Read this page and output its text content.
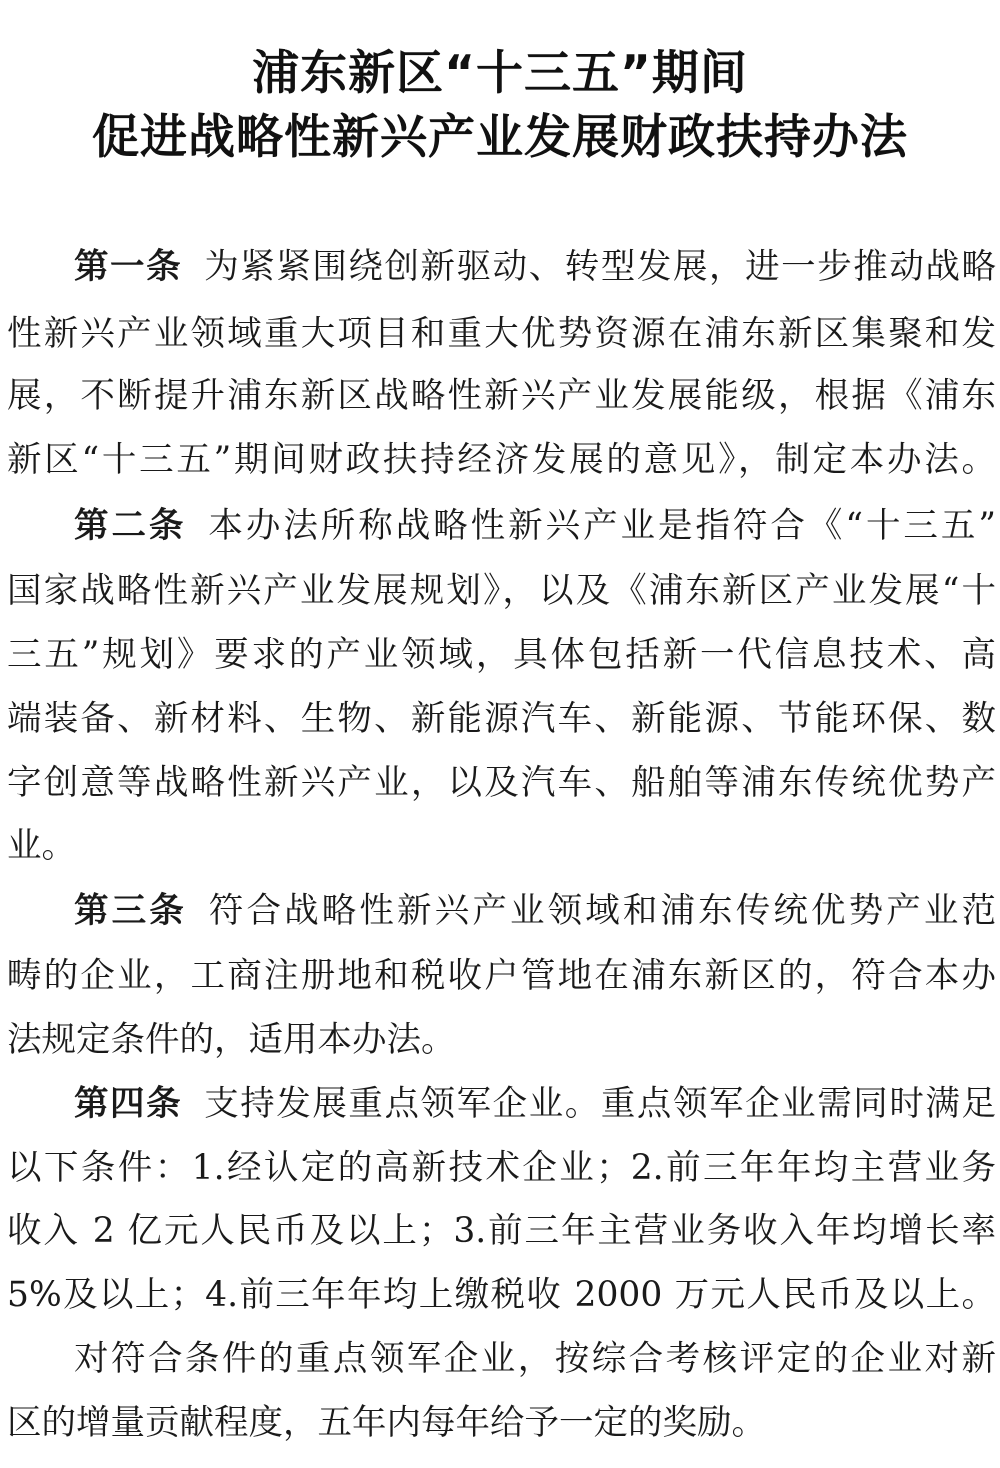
浦东新区“十三五”期间
促进战略性新兴产业发展财政扶持办法
第一条 为紧紧围绕创新驱动、转型发展，进一步推动战略
性新兴产业领域重大项目和重大优势资源在浦东新区集聚和发
展，不断提升浦东新区战略性新兴产业发展能级，根据《浦东
新区“十三五”期间财政扶持经济发展的意见》，制定本办法。
第二条 本办法所称战略性新兴产业是指符合《“十三五”
国家战略性新兴产业发展规划》，以及《浦东新区产业发展“十
三五”规划》要求的产业领域，具体包括新一代信息技术、高
端装备、新材料、生物、新能源汽车、新能源、节能环保、数
字创意等战略性新兴产业，以及汽车、船舶等浦东传统优势产
业。
第三条 符合战略性新兴产业领域和浦东传统优势产业范
畴的企业，工商注册地和税收户管地在浦东新区的，符合本办
法规定条件的，适用本办法。
第四条 支持发展重点领军企业。重点领军企业需同时满足
以下条件：1.经认定的高新技术企业；2.前三年年均主营业务
收入 2 亿元人民币及以上；3.前三年主营业务收入年均增长率
5%及以上；4.前三年年均上缴税收 2000 万元人民币及以上。
对符合条件的重点领军企业，按综合考核评定的企业对新
区的增量贡献程度，五年内每年给予一定的奖励。
